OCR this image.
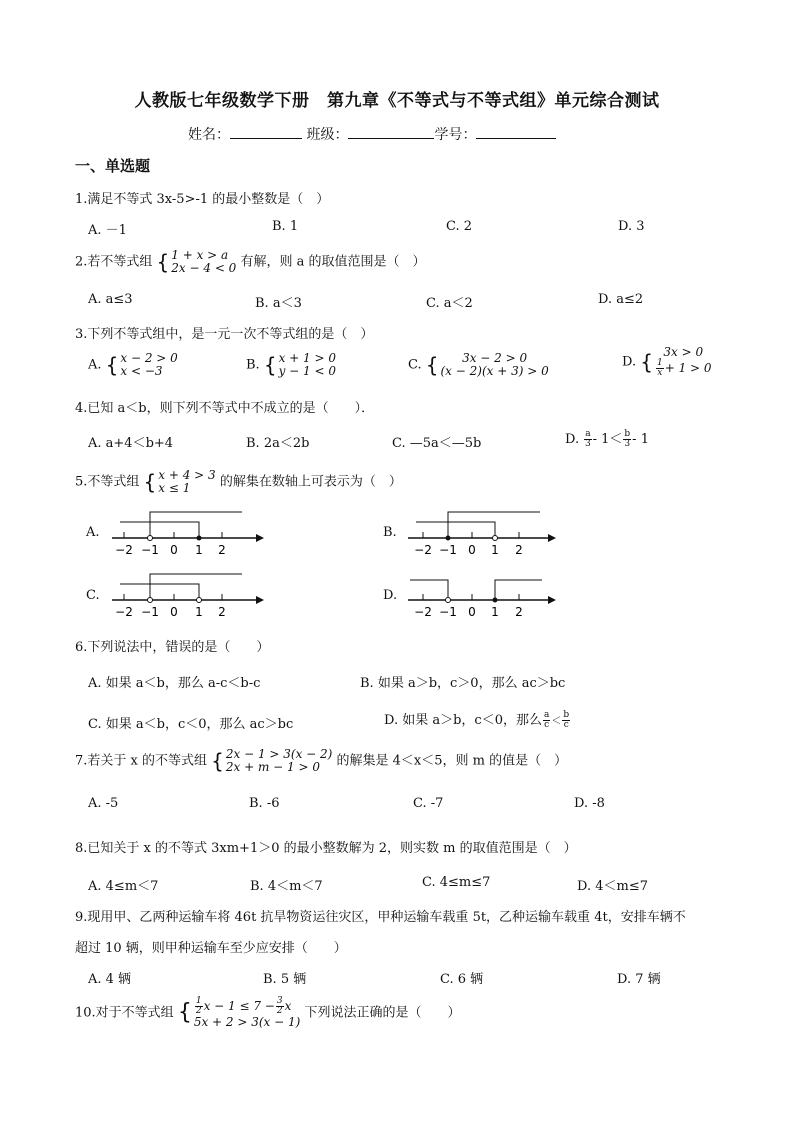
人教版七年级数学下册　第九章《不等式与不等式组》单元综合测试
姓名：	班级：	学号：
一、单选题
1.满足不等式 3x-5>-1 的最小整数是（　）
A. －1	B. 1	C. 2	D. 3
2.若不等式组 { 1 + x > a
2x − 4 < 0 有解，则 a 的取值范围是（　）
A. a≤3	B. a＜3	C. a＜2	D. a≤2
3.下列不等式组中，是一元一次不等式组的是（　）
A. { x − 2 > 0
x < −3	B. { x + 1 > 0
y − 1 < 0	C. {	3x − 2 > 0
(x − 2)(x + 3) > 0
D. { 3x > 0
$\frac{1}{x} + 1 > 0$
4.已知 a＜b，则下列不等式中不成立的是（　　）．
A. a+4＜b+4	B. 2a＜2b	C. —5a＜—5b	D. $\frac{a}{3} - 1< \frac{b}{3} - 1$
5.不等式组 { x + 4 > 3
x ≤ 1	的解集在数轴上可表示为（　）
A.
−2 −1 0 1 2
B.
−2 −1 0 1 2
C.
−2 −1 0 1 2
D.
−2 −1 0 1 2
6.下列说法中，错误的是（　　）
A. 如果 a＜b，那么 a-c＜b-c	B. 如果 a＞b，c＞0，那么 ac＞bc
C. 如果 a＜b，c＜0，那么 ac＞bc	D. 如果 a＞b，c＜0，那么 $\frac{a}{c} < \frac{b}{c}$
7.若关于 x 的不等式组 { 2x − 1 > 3(x − 2)
2x + m − 1 > 0	的解集是 4＜x＜5，则 m 的值是（　）
A. -5	B. -6	C. -7	D. -8
8.已知关于 x 的不等式 3xm+1＞0 的最小整数解为 2，则实数 m 的取值范围是（　）
A. 4≤m＜7	B. 4＜m＜7	C. 4≤m≤7	D. 4＜m≤7
9.现用甲、乙两种运输车将 46t 抗旱物资运往灾区，甲种运输车载重 5t，乙种运输车载重 4t，安排车辆不
超过 10 辆，则甲种运输车至少应安排（　　）
A. 4 辆	B. 5 辆	C. 6 辆	D. 7 辆
10.对于不等式组 { $\frac{1}{2}$ $x - 1 \le 7 - \frac{3}{2}$ x
5x + 2 > 3(x − 1)
下列说法正确的是（　　）
